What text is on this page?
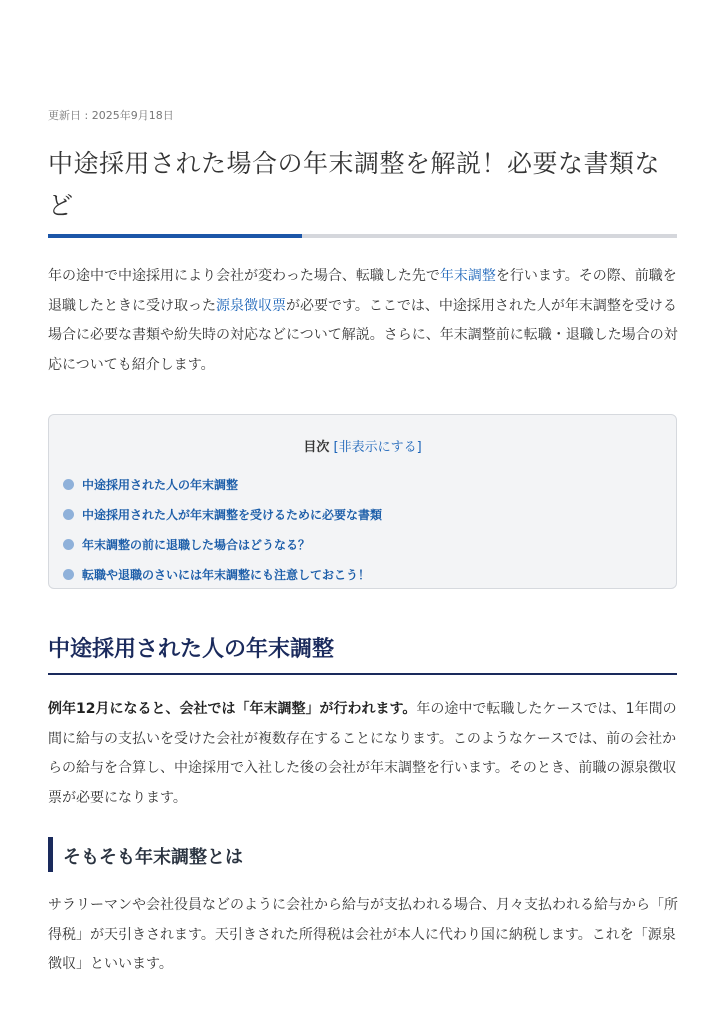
更新日 : 2025年9月18日
中途採用された場合の年末調整を解説！必要な書類など

年の途中で中途採用により会社が変わった場合、転職した先で年末調整を行います。その際、前職を退職したときに受け取った源泉徴収票が必要です。ここでは、中途採用された人が年末調整を受ける場合に必要な書類や紛失時の対応などについて解説。さらに、年末調整前に転職・退職した場合の対応についても紹介します。

目次 [非表示にする]
中途採用された人の年末調整
中途採用された人が年末調整を受けるために必要な書類
年末調整の前に退職した場合はどうなる？
転職や退職のさいには年末調整にも注意しておこう！
中途採用された人の年末調整

例年12月になると、会社では「年末調整」が行われます。年の途中で転職したケースでは、1年間の間に給与の支払いを受けた会社が複数存在することになります。このようなケースでは、前の会社からの給与を合算し、中途採用で入社した後の会社が年末調整を行います。そのとき、前職の源泉徴収票が必要になります。

そもそも年末調整とは

サラリーマンや会社役員などのように会社から給与が支払われる場合、月々支払われる給与から「所得税」が天引きされます。天引きされた所得税は会社が本人に代わり国に納税します。これを「源泉徴収」といいます。
